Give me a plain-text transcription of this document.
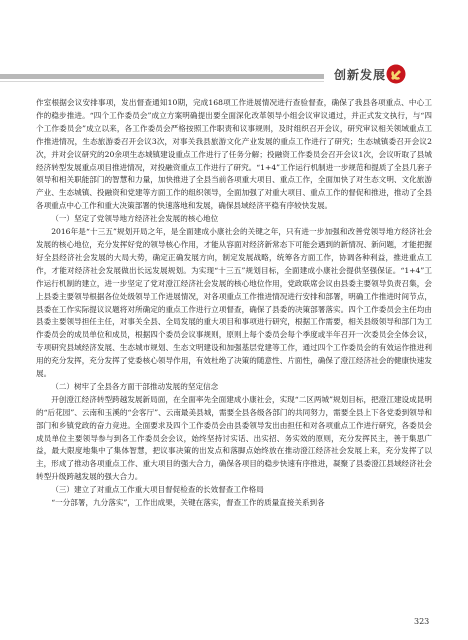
创新发展

作室根据会议安排事项，发出督查通知10期，完成168项工作进展情况进行查验督查，确保了我县各项重点、中心工作的稳步推进。“四个工作委员会”成立方案明确提出要全面深化改革领导小组会议审议通过，并正式发文执行，与“四个工作委员会”成立以来，各工作委员会严格按照工作职责和议事规则，及时组织召开会议，研究审议相关领域重点工作推进情况，生态旅游委召开会议3次，对事关我县旅游文化产业发展的重点工作进行了研究；生态城镇委召开会议2次，并对会议研究的20余项生态城镇建设重点工作进行了任务分解；投融资工作委员会召开会议1次，会议听取了县城经济转型发展重点项目推进情况，对投融资重点工作进行了研究。“1+4”工作运行机制进一步规范和提质了全县几套子领导和相关职能部门的智慧和力量，加快推进了全县当前各项重大项目、重点工作，全面加快了对生态文明、文化旅游产业、生态城镇、投融资和党建等方面工作的组织领导，全面加强了对重大项目、重点工作的督促和推进，推动了全县各项重点中心工作和重大决策部署的快速落地和发展，确保县域经济平稳有序较快发展。

（一）坚定了党领导地方经济社会发展的核心地位

2016年是“十三五”规划开局之年，是全面建成小康社会的关键之年，只有进一步加强和改善党领导地方经济社会发展的核心地位，充分发挥好党的领导核心作用，才能从容面对经济新常态下可能会遇到的新情况、新问题，才能把握好全县经济社会发展的大局大势，确定正确发展方向，制定发展战略，统筹各方面工作，协调各种利益，推进重点工作，才能对经济社会发展做出长远发展规划。为实现“十三五”规划目标，全面建成小康社会提供坚强保证。“1+4”工作运行机制的建立，进一步坚定了党对澄江经济社会发展的核心地位作用，党政联席会议由县委主要领导负责召集，会上县委主要领导根据各位处级领导工作进展情况，对各项重点工作推进情况进行安排和部署，明确工作推进时间节点，县委在工作实际提议议题将对所确定的重点工作进行立项督查，确保了县委的决策部署落实。四个工作委员会主任均由县委主要领导担任主任，对事关全县、全局发展的重大项目和事项进行研究，根据工作需要，相关县级领导和部门为工作委员会的成员单位和成员，根据四个委员会议事规则，原则上每个委员会每个季度或半年召开一次委员会全体会议，专项研究县域经济发展、生态城市规划、生态文明建设和加强基层党建等工作，通过四个工作委员会的有效运作推进利用的充分发挥，充分发挥了党委核心领导作用，有效杜绝了决策的随意性、片面性，确保了澄江经济社会的健康快速发展。

（二）树牢了全县各方面干部推动发展的坚定信念

开创澄江经济转型跨越发展新局面，在全面率先全面建成小康社会，实现“二区两城”规划目标，把澄江建设成昆明的“后花园”、云南和玉溪的“会客厅”、云南最美县城，需要全县各级各部门的共同努力，需要全县上下各党委到领导和部门和乡镇党政的奋力竞进。全面要求及四个工作委员会由县委领导发出由担任和对各项重点工作进行研究，各委员会成员单位主要领导参与到各工作委员会会议，始终坚持讨实话、出实招、务实效的原则，充分发挥民主，善于集思广益，最大限度地集中了集体智慧，把议事决策的出发点和落脚点始终放在推动澄江经济社会发展上来，充分发挥了以主，形成了推动各项重点工作、重大项目的强大合力，确保各项目的稳步快速有序推进，凝聚了县委澄江县域经济社会转型升级跨越发展的强大合力。

（三）建立了对重点工作重大项目督促检查的长效督查工作格局

“一分部署，九分落实”，工作出成果，关键在落实，督查工作的质量直接关系到各

323
